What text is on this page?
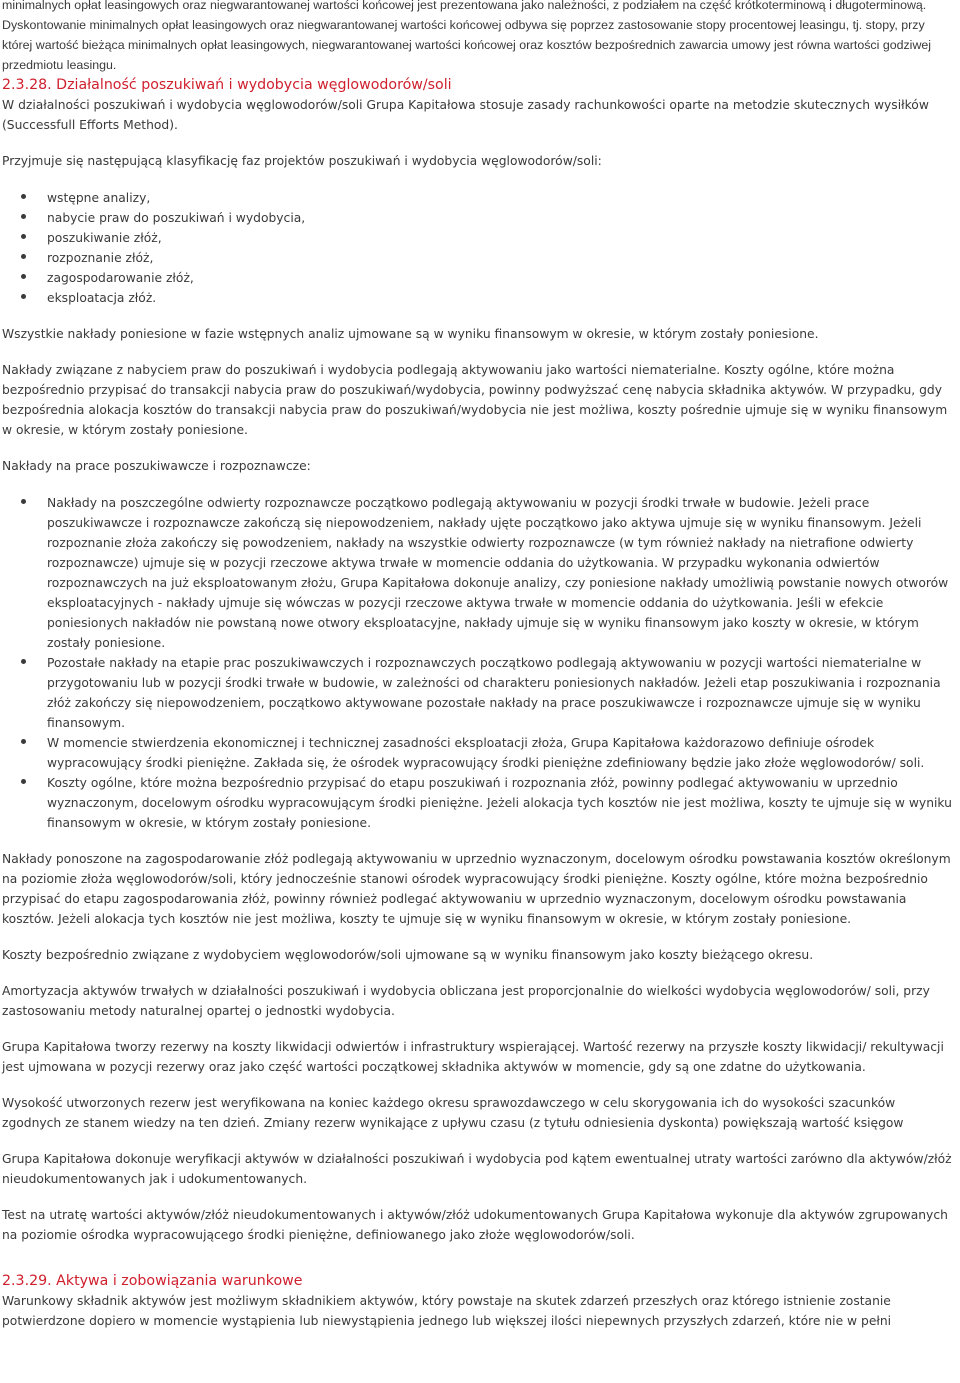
minimalnych opłat leasingowych oraz niegwarantowanej wartości końcowej jest prezentowana jako należności, z podziałem na część krótkoterminową i długoterminową. Dyskontowanie minimalnych opłat leasingowych oraz niegwarantowanej wartości końcowej odbywa się poprzez zastosowanie stopy procentowej leasingu, tj. stopy, przy której wartość bieżąca minimalnych opłat leasingowych, niegwarantowanej wartości końcowej oraz kosztów bezpośrednich zawarcia umowy jest równa wartości godziwej przedmiotu leasingu.

2.3.28. Działalność poszukiwań i wydobycia węglowodorów/soli

W działalności poszukiwań i wydobycia węglowodorów/soli Grupa Kapitałowa stosuje zasady rachunkowości oparte na metodzie skutecznych wysiłków (Successfull Efforts Method).

Przyjmuje się następującą klasyfikację faz projektów poszukiwań i wydobycia węglowodorów/soli:

wstępne analizy,
nabycie praw do poszukiwań i wydobycia,
poszukiwanie złóż,
rozpoznanie złóż,
zagospodarowanie złóż,
eksploatacja złóż.

Wszystkie nakłady poniesione w fazie wstępnych analiz ujmowane są w wyniku finansowym w okresie, w którym zostały poniesione.

Nakłady związane z nabyciem praw do poszukiwań i wydobycia podlegają aktywowaniu jako wartości niematerialne. Koszty ogólne, które można bezpośrednio przypisać do transakcji nabycia praw do poszukiwań/wydobycia, powinny podwyższać cenę nabycia składnika aktywów. W przypadku, gdy bezpośrednia alokacja kosztów do transakcji nabycia praw do poszukiwań/wydobycia nie jest możliwa, koszty pośrednie ujmuje się w wyniku finansowym w okresie, w którym zostały poniesione.

Nakłady na prace poszukiwawcze i rozpoznawcze:

Nakłady na poszczególne odwierty rozpoznawcze początkowo podlegają aktywowaniu w pozycji środki trwałe w budowie. Jeżeli prace poszukiwawcze i rozpoznawcze zakończą się niepowodzeniem, nakłady ujęte początkowo jako aktywa ujmuje się w wyniku finansowym. Jeżeli rozpoznanie złoża zakończy się powodzeniem, nakłady na wszystkie odwierty rozpoznawcze (w tym również nakłady na nietrafione odwierty rozpoznawcze) ujmuje się w pozycji rzeczowe aktywa trwałe w momencie oddania do użytkowania. W przypadku wykonania odwiertów rozpoznawczych na już eksploatowanym złożu, Grupa Kapitałowa dokonuje analizy, czy poniesione nakłady umożliwią powstanie nowych otworów eksploatacyjnych - nakłady ujmuje się wówczas w pozycji rzeczowe aktywa trwałe w momencie oddania do użytkowania. Jeśli w efekcie poniesionych nakładów nie powstaną nowe otwory eksploatacyjne, nakłady ujmuje się w wyniku finansowym jako koszty w okresie, w którym zostały poniesione.
Pozostałe nakłady na etapie prac poszukiwawczych i rozpoznawczych początkowo podlegają aktywowaniu w pozycji wartości niematerialne w przygotowaniu lub w pozycji środki trwałe w budowie, w zależności od charakteru poniesionych nakładów. Jeżeli etap poszukiwania i rozpoznania złóż zakończy się niepowodzeniem, początkowo aktywowane pozostałe nakłady na prace poszukiwawcze i rozpoznawcze ujmuje się w wyniku finansowym.
W momencie stwierdzenia ekonomicznej i technicznej zasadności eksploatacji złoża, Grupa Kapitałowa każdorazowo definiuje ośrodek wypracowujący środki pieniężne. Zakłada się, że ośrodek wypracowujący środki pieniężne zdefiniowany będzie jako złoże węglowodorów/ soli.
Koszty ogólne, które można bezpośrednio przypisać do etapu poszukiwań i rozpoznania złóż, powinny podlegać aktywowaniu w uprzednio wyznaczonym, docelowym ośrodku wypracowującym środki pieniężne. Jeżeli alokacja tych kosztów nie jest możliwa, koszty te ujmuje się w wyniku finansowym w okresie, w którym zostały poniesione.

Nakłady ponoszone na zagospodarowanie złóż podlegają aktywowaniu w uprzednio wyznaczonym, docelowym ośrodku powstawania kosztów określonym na poziomie złoża węglowodorów/soli, który jednocześnie stanowi ośrodek wypracowujący środki pieniężne. Koszty ogólne, które można bezpośrednio przypisać do etapu zagospodarowania złóż, powinny również podlegać aktywowaniu w uprzednio wyznaczonym, docelowym ośrodku powstawania kosztów. Jeżeli alokacja tych kosztów nie jest możliwa, koszty te ujmuje się w wyniku finansowym w okresie, w którym zostały poniesione.

Koszty bezpośrednio związane z wydobyciem węglowodorów/soli ujmowane są w wyniku finansowym jako koszty bieżącego okresu.

Amortyzacja aktywów trwałych w działalności poszukiwań i wydobycia obliczana jest proporcjonalnie do wielkości wydobycia węglowodorów/ soli, przy zastosowaniu metody naturalnej opartej o jednostki wydobycia.

Grupa Kapitałowa tworzy rezerwy na koszty likwidacji odwiertów i infrastruktury wspierającej. Wartość rezerwy na przyszłe koszty likwidacji/ rekultywacji jest ujmowana w pozycji rezerwy oraz jako część wartości początkowej składnika aktywów w momencie, gdy są one zdatne do użytkowania.

Wysokość utworzonych rezerw jest weryfikowana na koniec każdego okresu sprawozdawczego w celu skorygowania ich do wysokości szacunków zgodnych ze stanem wiedzy na ten dzień. Zmiany rezerw wynikające z upływu czasu (z tytułu odniesienia dyskonta) powiększają wartość księgow

Grupa Kapitałowa dokonuje weryfikacji aktywów w działalności poszukiwań i wydobycia pod kątem ewentualnej utraty wartości zarówno dla aktywów/złóż nieudokumentowanych jak i udokumentowanych.

Test na utratę wartości aktywów/złóż nieudokumentowanych i aktywów/złóż udokumentowanych Grupa Kapitałowa wykonuje dla aktywów zgrupowanych na poziomie ośrodka wypracowującego środki pieniężne, definiowanego jako złoże węglowodorów/soli.

2.3.29. Aktywa i zobowiązania warunkowe

Warunkowy składnik aktywów jest możliwym składnikiem aktywów, który powstaje na skutek zdarzeń przeszłych oraz którego istnienie zostanie potwierdzone dopiero w momencie wystąpienia lub niewystąpienia jednego lub większej ilości niepewnych przyszłych zdarzeń, które nie w pełni
